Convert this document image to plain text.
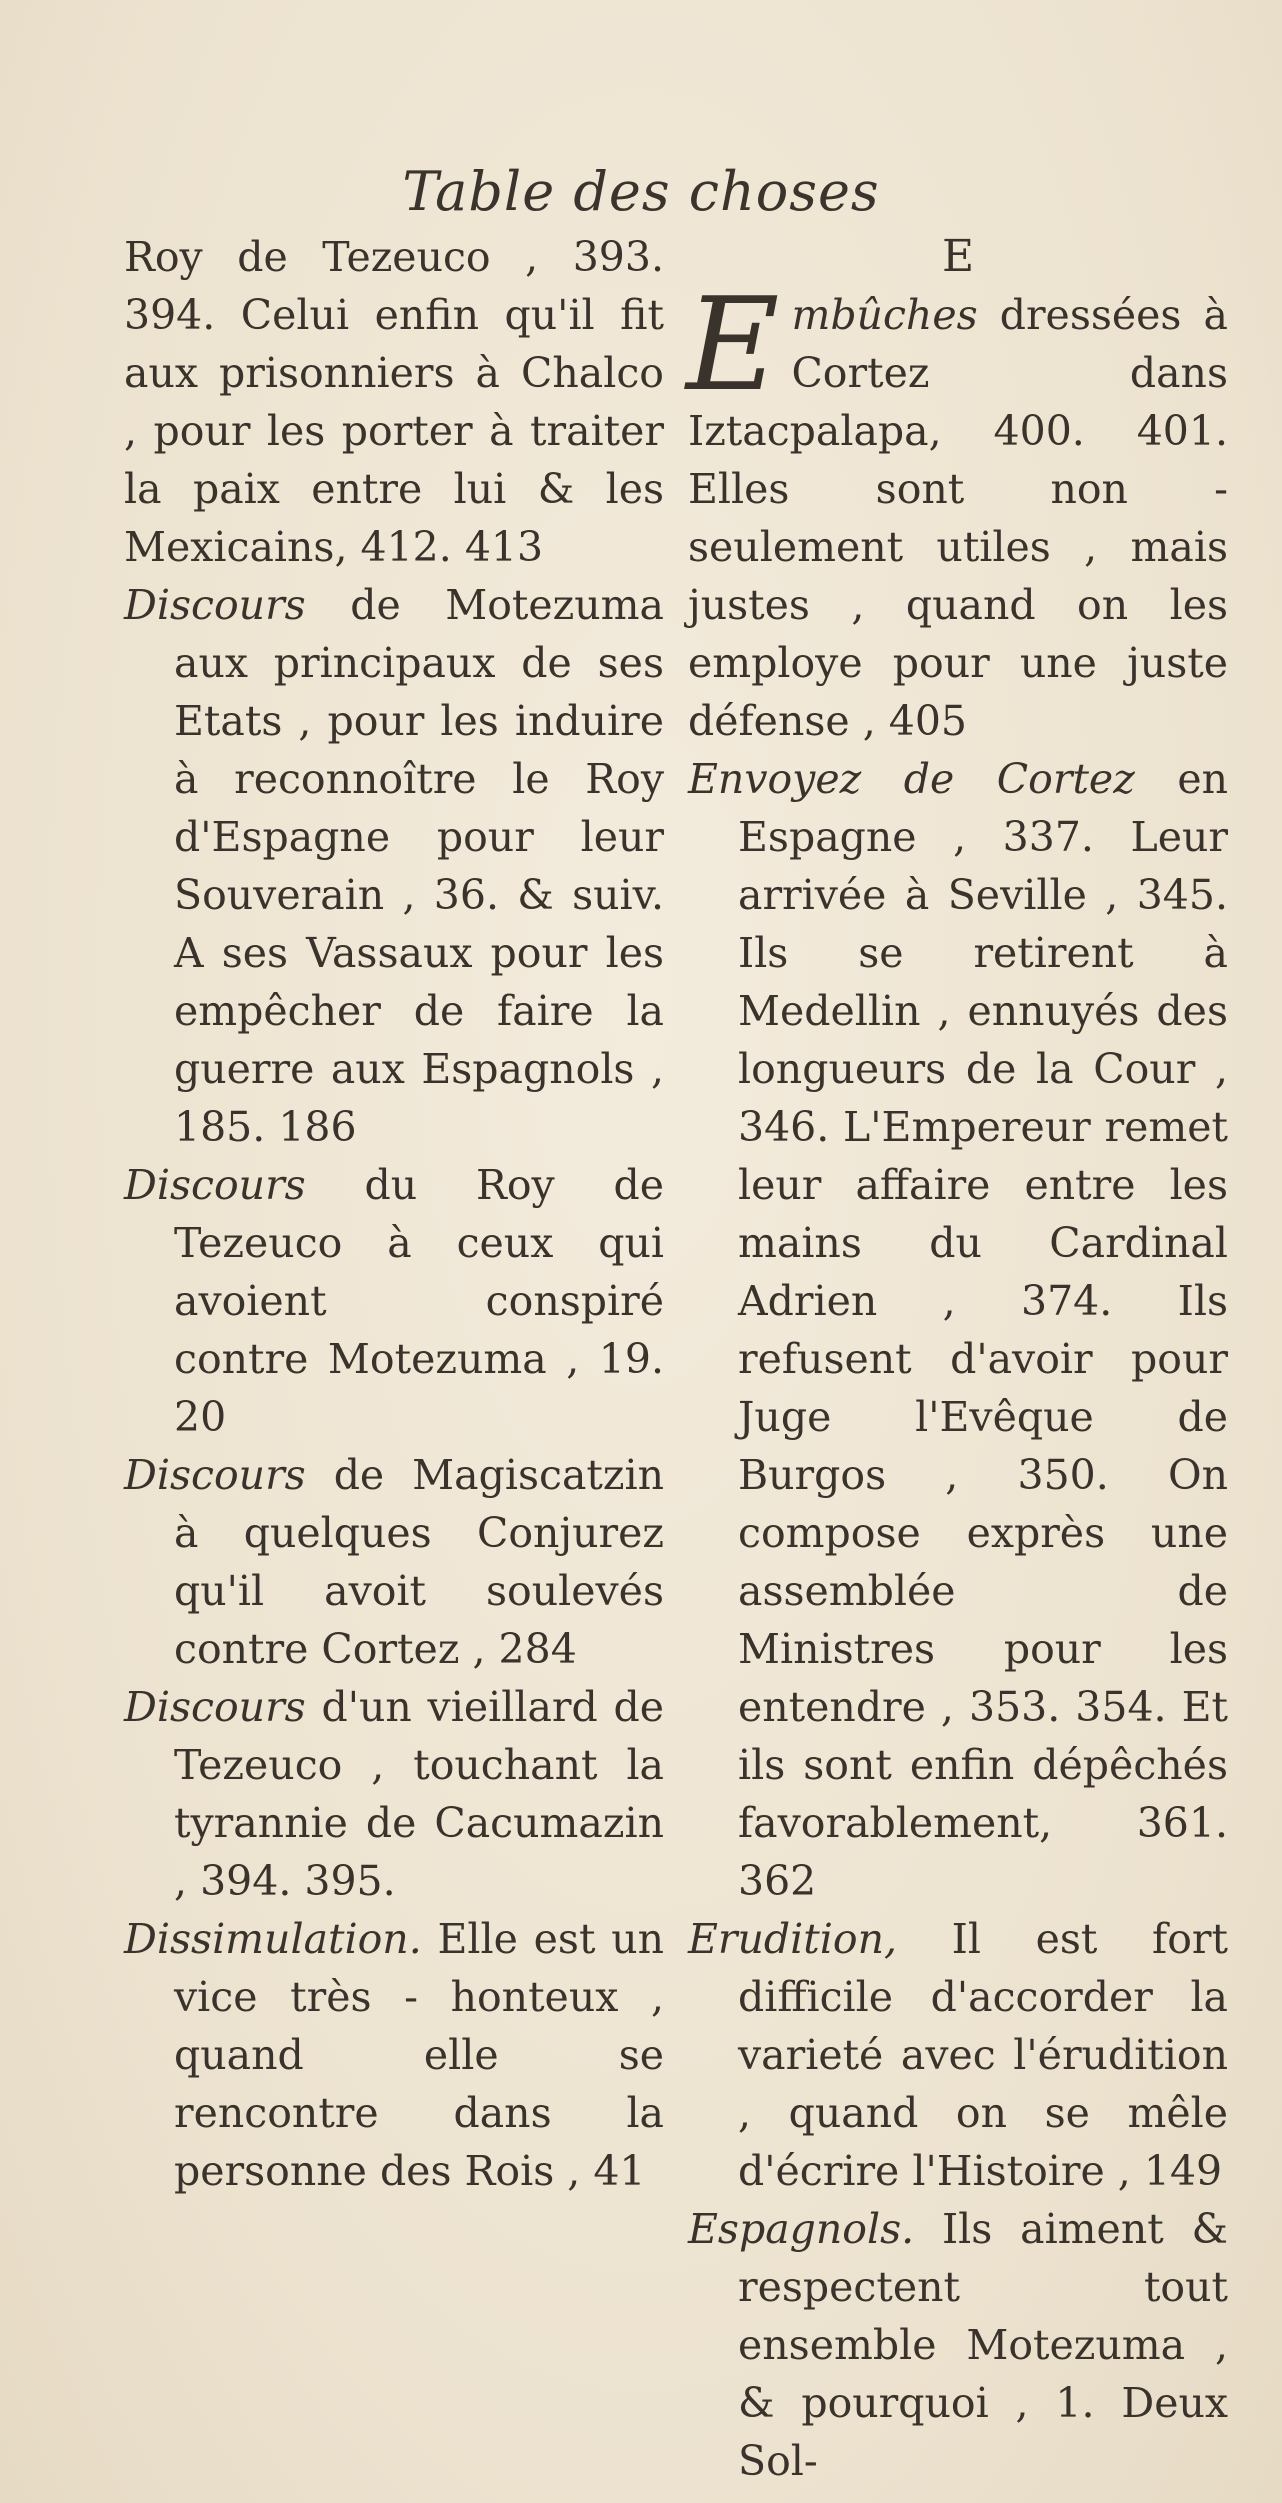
Table des choses

Roy de Tezeuco , 393. 394. Celui enfin qu'il fit aux prisonniers à Chalco , pour les porter à traiter la paix entre lui & les Mexicains, 412. 413

Discours de Motezuma aux principaux de ses Etats , pour les induire à reconnoître le Roy d'Espagne pour leur Souverain , 36. & suiv. A ses Vassaux pour les empêcher de faire la guerre aux Espagnols , 185. 186

Discours du Roy de Tezeuco à ceux qui avoient conspiré contre Motezuma , 19. 20

Discours de Magiscatzin à quelques Conjurez qu'il avoit soulevés contre Cortez , 284

Discours d'un vieillard de Tezeuco , touchant la tyrannie de Cacumazin , 394. 395.

Dissimulation. Elle est un vice très - honteux , quand elle se rencontre dans la personne des Rois , 41

E

Embûches dressées à Cortez dans Iztacpalapa, 400. 401. Elles sont non - seulement utiles , mais justes , quand on les employe pour une juste défense , 405

Envoyez de Cortez en Espagne , 337. Leur arrivée à Seville , 345. Ils se retirent à Medellin , ennuyés des longueurs de la Cour , 346. L'Empereur remet leur affaire entre les mains du Cardinal Adrien , 374. Ils refusent d'avoir pour Juge l'Evêque de Burgos , 350. On compose exprès une assemblée de Ministres pour les entendre , 353. 354. Et ils sont enfin dépêchés favorablement, 361. 362

Erudition, Il est fort difficile d'accorder la varieté avec l'érudition , quand on se mêle d'écrire l'Histoire , 149

Espagnols. Ils aiment & respectent tout ensemble Motezuma , & pourquoi , 1. Deux Sol-
